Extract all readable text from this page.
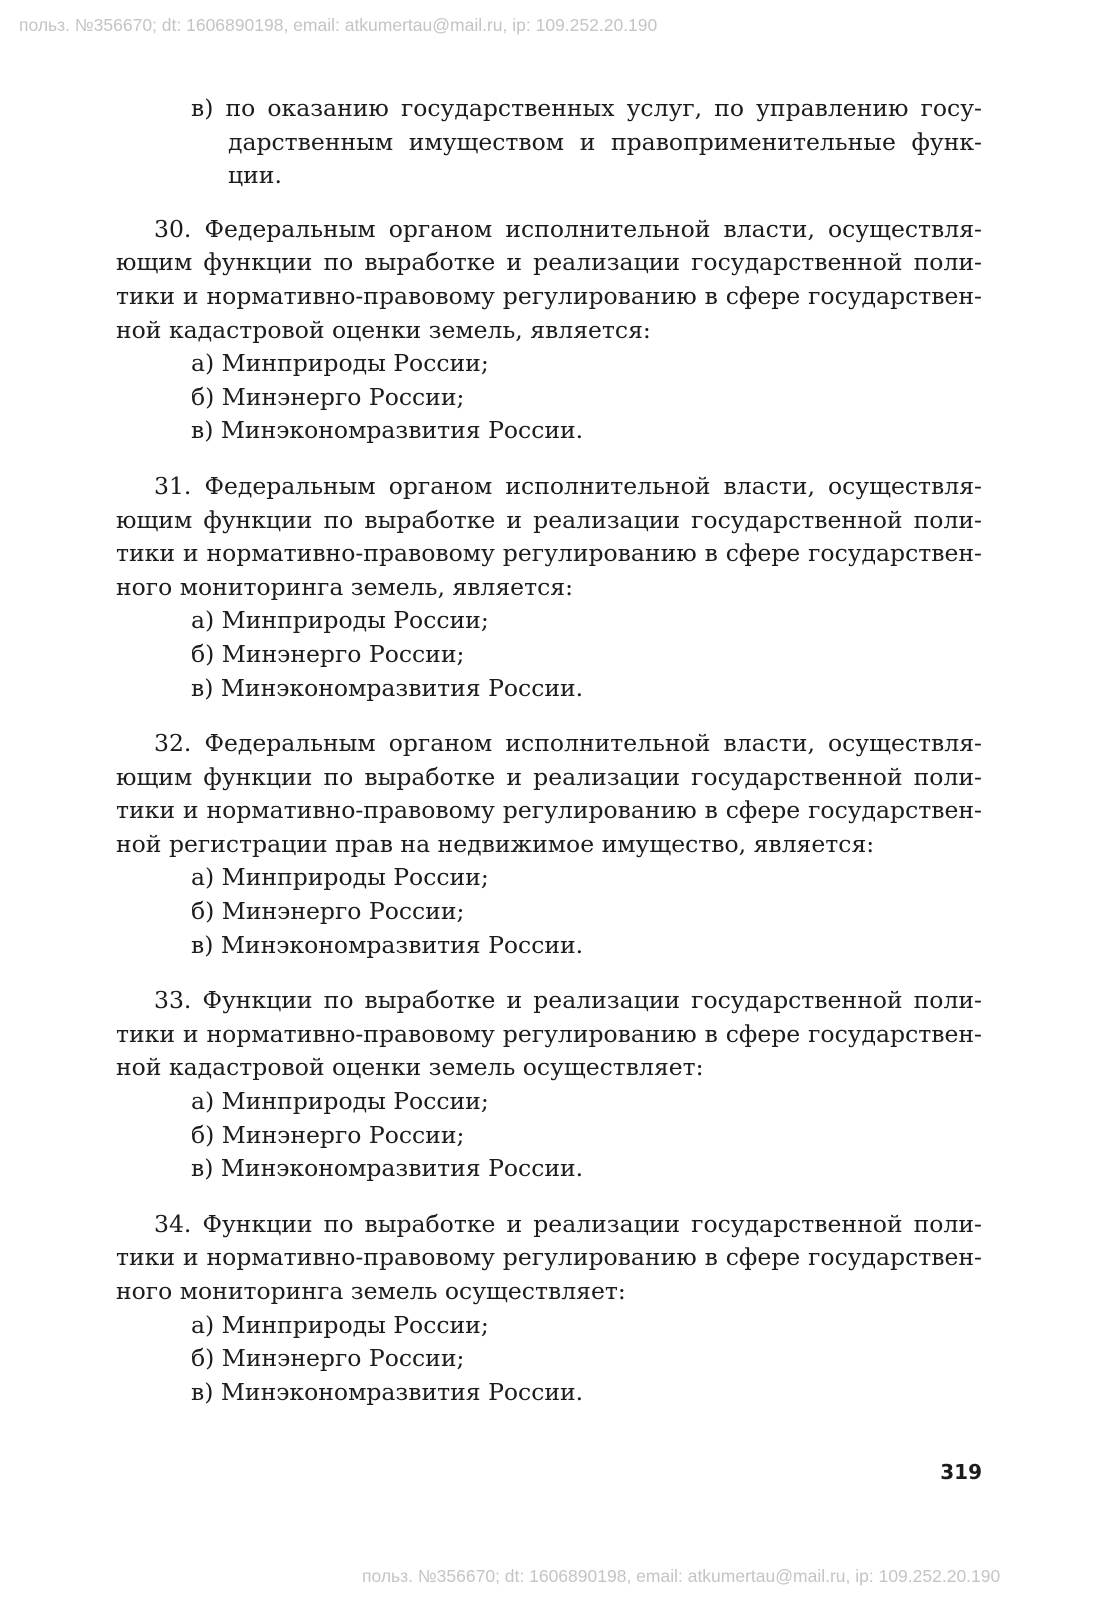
польз. №356670; dt: 1606890198, email: atkumertau@mail.ru, ip: 109.252.20.190
в) по оказанию государственных услуг, по управлению государственным имуществом и правоприменительные функции.

30. Федеральным органом исполнительной власти, осуществляющим функции по выработке и реализации государственной политики и нормативно-правовому регулированию в сфере государственной кадастровой оценки земель, является:

а) Минприроды России;
б) Минэнерго России;
в) Минэкономразвития России.

31. Федеральным органом исполнительной власти, осуществляющим функции по выработке и реализации государственной политики и нормативно-правовому регулированию в сфере государственного мониторинга земель, является:

а) Минприроды России;
б) Минэнерго России;
в) Минэкономразвития России.

32. Федеральным органом исполнительной власти, осуществляющим функции по выработке и реализации государственной политики и нормативно-правовому регулированию в сфере государственной регистрации прав на недвижимое имущество, является:

а) Минприроды России;
б) Минэнерго России;
в) Минэкономразвития России.

33. Функции по выработке и реализации государственной политики и нормативно-правовому регулированию в сфере государственной кадастровой оценки земель осуществляет:

а) Минприроды России;
б) Минэнерго России;
в) Минэкономразвития России.

34. Функции по выработке и реализации государственной политики и нормативно-правовому регулированию в сфере государственного мониторинга земель осуществляет:

а) Минприроды России;
б) Минэнерго России;
в) Минэкономразвития России.
319
польз. №356670; dt: 1606890198, email: atkumertau@mail.ru, ip: 109.252.20.190
